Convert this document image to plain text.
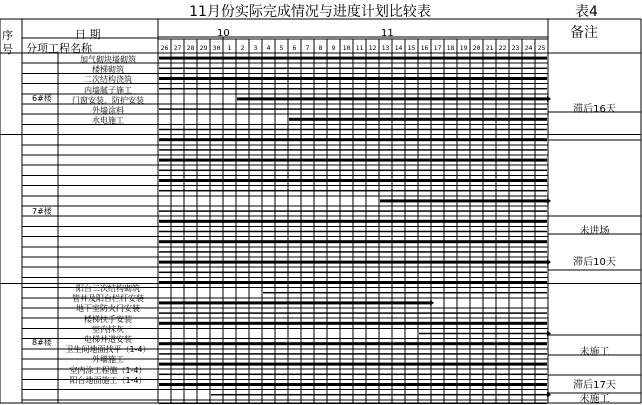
11月份实际完成情况与进度计划比较表	表4
26 27 28 29 30 1 2 3 4 5 6 7 8 9 10 11 12 13 14 15 16 17 18 19 20 21 22 23 24 25
序
号
日 期
分项工程名称
备注
10	11
6#楼
7#楼
8#楼
加气砌块墙砌筑
楼梯砌筑
二次结构浇筑
内墙腻子施工
门窗安装、防护安装
外墙涂料
水电施工
阳台二次结构砌筑
管井及阳台栏杆安装
地下室防火门安装
楼梯扶手安装
室内抹灰
电梯井道安装
卫生间地面找平（1-4）
外墙施工
室内涂工程施（1-4）
阳台地面施工（1-4）
滞后16天
未进场
滞后10天
未施工
滞后17天
未施工
